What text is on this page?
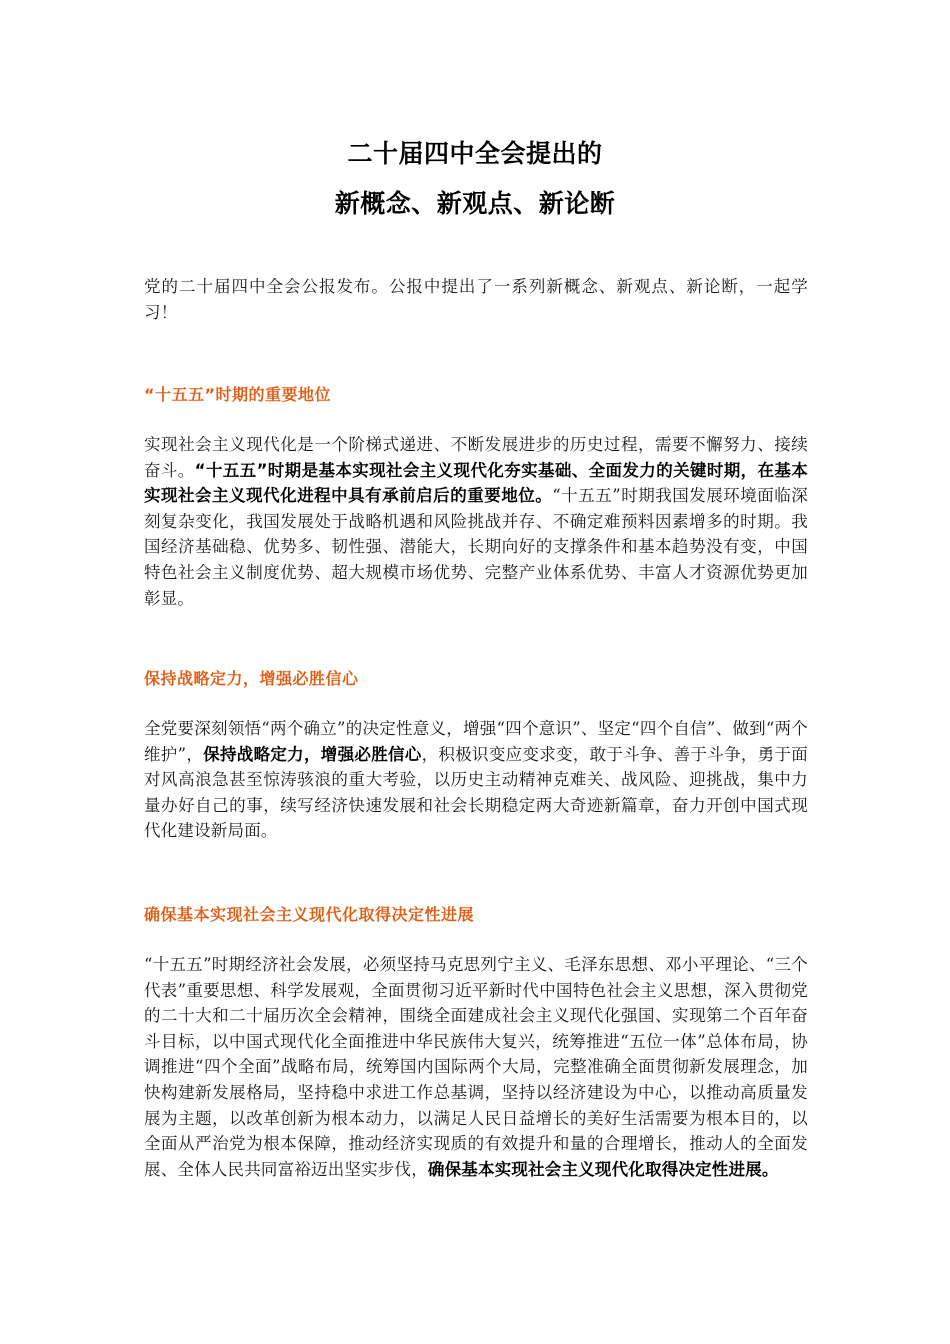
二十届四中全会提出的
新概念、新观点、新论断
党的二十届四中全会公报发布。公报中提出了一系列新概念、新观点、新论断，一起学习！
“十五五”时期的重要地位
实现社会主义现代化是一个阶梯式递进、不断发展进步的历史过程，需要不懈努力、接续奋斗。“十五五”时期是基本实现社会主义现代化夯实基础、全面发力的关键时期，在基本实现社会主义现代化进程中具有承前启后的重要地位。“十五五”时期我国发展环境面临深刻复杂变化，我国发展处于战略机遇和风险挑战并存、不确定难预料因素增多的时期。我国经济基础稳、优势多、韧性强、潜能大，长期向好的支撑条件和基本趋势没有变，中国特色社会主义制度优势、超大规模市场优势、完整产业体系优势、丰富人才资源优势更加彰显。
保持战略定力，增强必胜信心
全党要深刻领悟“两个确立”的决定性意义，增强“四个意识”、坚定“四个自信”、做到“两个维护”，保持战略定力，增强必胜信心，积极识变应变求变，敢于斗争、善于斗争，勇于面对风高浪急甚至惊涛骇浪的重大考验，以历史主动精神克难关、战风险、迎挑战，集中力量办好自己的事，续写经济快速发展和社会长期稳定两大奇迹新篇章，奋力开创中国式现代化建设新局面。
确保基本实现社会主义现代化取得决定性进展
“十五五”时期经济社会发展，必须坚持马克思列宁主义、毛泽东思想、邓小平理论、“三个代表”重要思想、科学发展观，全面贯彻习近平新时代中国特色社会主义思想，深入贯彻党的二十大和二十届历次全会精神，围绕全面建成社会主义现代化强国、实现第二个百年奋斗目标，以中国式现代化全面推进中华民族伟大复兴，统筹推进“五位一体”总体布局，协调推进“四个全面”战略布局，统筹国内国际两个大局，完整准确全面贯彻新发展理念，加快构建新发展格局，坚持稳中求进工作总基调，坚持以经济建设为中心，以推动高质量发展为主题，以改革创新为根本动力，以满足人民日益增长的美好生活需要为根本目的，以全面从严治党为根本保障，推动经济实现质的有效提升和量的合理增长，推动人的全面发展、全体人民共同富裕迈出坚实步伐，确保基本实现社会主义现代化取得决定性进展。
